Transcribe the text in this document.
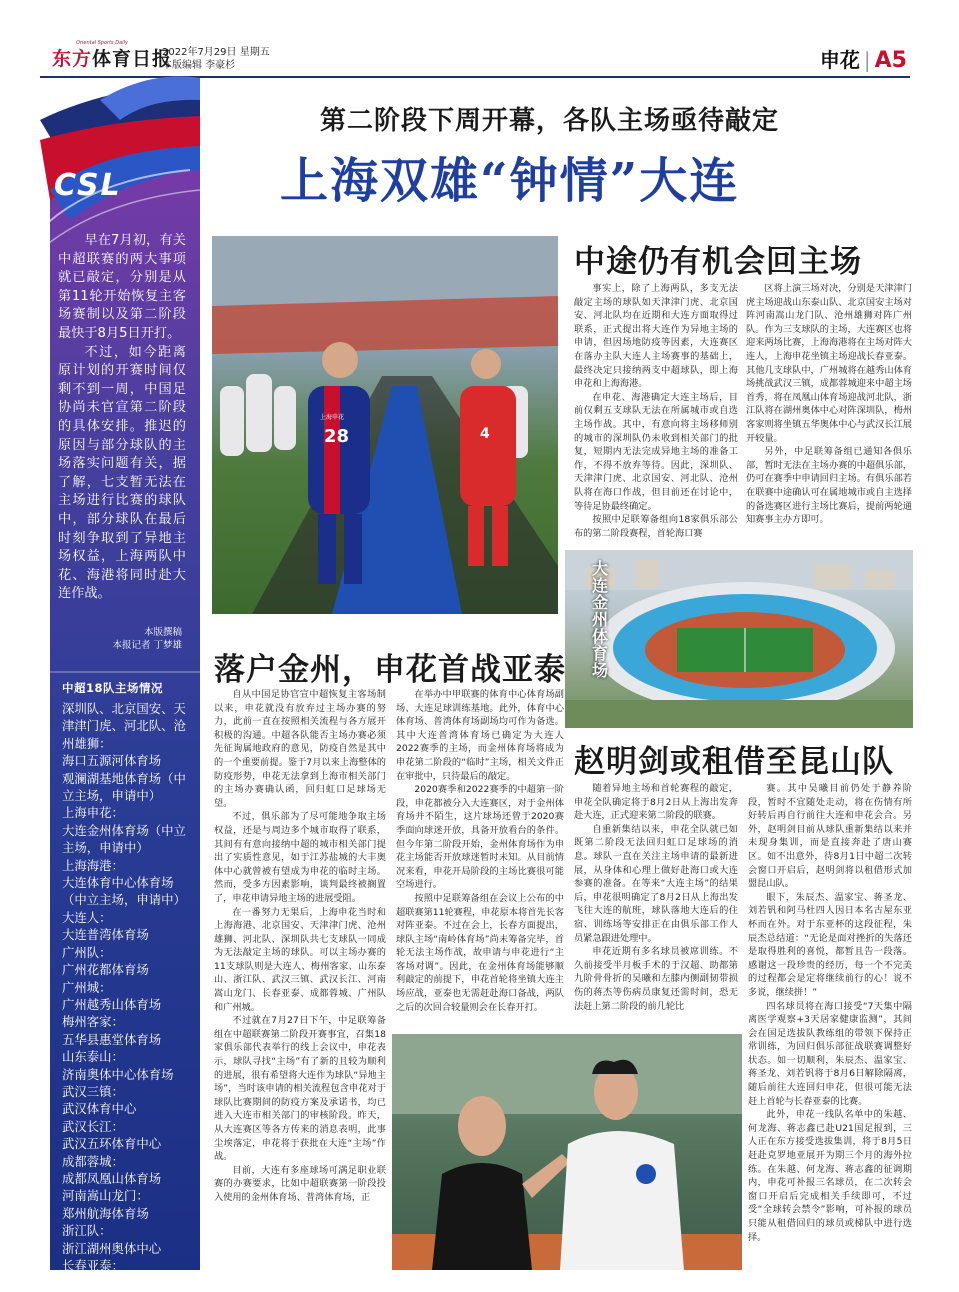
Oriental Sports Daily
东方体育日报
2022年7月29日 星期五
本版编辑 李豪杉	申花 | A5
CSL

早在7月初，有关中超联赛的两大事项就已敲定，分别是从第11轮开始恢复主客场赛制以及第二阶段最快于8月5日开打。

不过，如今距离原计划的开赛时间仅剩不到一周，中国足协尚未官宣第二阶段的具体安排。推迟的原因与部分球队的主场落实问题有关，据了解，七支暂无法在主场进行比赛的球队中，部分球队在最后时刻争取到了异地主场权益，上海两队中花、海港将同时赴大连作战。

本版撰稿
本报记者 丁梦雄
中超18队主场情况
深圳队、北京国安、天津津门虎、河北队、沧州雄狮：
海口五源河体育场
观澜湖基地体育场（中立主场，申请中）
上海申花：
大连金州体育场（中立主场，申请中）
上海海港：
大连体育中心体育场（中立主场，申请中）
大连人：
大连普湾体育场
广州队：
广州花都体育场
广州城：
广州越秀山体育场
梅州客家：
五华县惠堂体育场
山东泰山：
济南奥体中心体育场
武汉三镇：
武汉体育中心
武汉长江：
武汉五环体育中心
成都蓉城：
成都凤凰山体育场
河南嵩山龙门：
郑州航海体育场
浙江队：
浙江湖州奥体中心
长春亚泰：
长春体育中心
第二阶段下周开幕，各队主场亟待敲定
上海双雄“钟情”大连
28	4
上海申花
大连金州体育场
中途仍有机会回主场
落户金州，申花首战亚泰
赵明剑或租借至昆山队

事实上，除了上海两队，多支无法敲定主场的球队如天津津门虎、北京国安、河北队均在近期和大连方面取得过联系，正式提出将大连作为异地主场的申请，但因场地防疫等因素，大连赛区在落办主队大连人主场赛事的基础上，最终决定只接纳两支中超球队，即上海申花和上海海港。

在申花、海港确定大连主场后，目前仅剩五支球队无法在所属城市或自选主场作战。其中，有意向将主场移师别的城市的深圳队仍未收到相关部门的批复，短期内无法完成异地主场的准备工作，不得不放弃等待。因此，深圳队、天津津门虎、北京国安、河北队、沧州队将在海口作战，但目前还在讨论中，等待足协最终确定。

按照中足联筹备组向18家俱乐部公布的第二阶段赛程，首轮海口赛

区将上演三场对决，分别是天津津门虎主场迎战山东泰山队、北京国安主场对阵河南嵩山龙门队、沧州雄狮对阵广州队。作为三支球队的主场，大连赛区也将迎来两场比赛，上海海港将在主场对阵大连人，上海申花坐镇主场迎战长春亚泰。其他几支球队中，广州城将在越秀山体育场挑战武汉三镇，成都蓉城迎来中超主场首秀，将在凤凰山体育场迎战河北队，浙江队将在湖州奥体中心对阵深圳队，梅州客家则将坐镇五华奥体中心与武汉长江展开较量。

另外，中足联筹备组已通知各俱乐部，暂时无法在主场办赛的中超俱乐部，仍可在赛季中申请回归主场。有俱乐部若在联赛中途确认可在属地城市或自主选择的备选赛区进行主场比赛后，提前两轮通知赛事主办方即可。

自从中国足协官宣中超恢复主客场制以来，申花就没有放弃过主场办赛的努力，此前一直在按照相关流程与各方展开积极的沟通。中超各队能否主场办赛必须先征询属地政府的意见，防疫自然是其中的一个重要前提。鉴于7月以来上海整体的防疫形势，申花无法拿到上海市相关部门的主场办赛确认函，回归虹口足球场无望。

不过，俱乐部为了尽可能地争取主场权益，还是与周边多个城市取得了联系，其间有有意向接纳中超的城市相关部门提出了实质性意见，如于江苏盐城的大丰奥体中心就曾被有望成为申花的临时主场。然而，受多方因素影响，谈判最终被搁置了，申花申请异地主场的进展受阻。

在一番努力无果后，上海申花当时和上海海港、北京国安、天津津门虎、沧州雄狮、河北队、深圳队共七支球队一同成为无法敲定主场的球队。可以主场办赛的11支球队则是大连人、梅州客家、山东泰山、浙江队、武汉三镇、武汉长江、河南嵩山龙门、长春亚泰、成都蓉城、广州队和广州城。

不过就在7月27日下午，中足联筹备组在中超联赛第二阶段开赛事宜，召集18家俱乐部代表举行的线上会议中，申花表示，球队寻找“主场”有了新的且较为顺利的进展，很有希望将大连作为球队“异地主场”，当时该申请的相关流程包含申花对于球队比赛期间的防疫方案及承诺书，均已进入大连市相关部门的审核阶段。昨天，从大连赛区等各方传来的消息表明，此事尘埃落定，申花将于获批在大连“主场”作战。

目前，大连有多座球场可满足职业联赛的办赛要求，比如中超联赛第一阶段投入使用的金州体育场、普湾体育场，正

在举办中甲联赛的体育中心体育场副场、大连足球训练基地。此外，体育中心体育场、普湾体育场副场均可作为备选。其中大连普湾体育场已确定为大连人2022赛季的主场，而金州体育场将成为申花第二阶段的“临时”主场，相关文件正在审批中，只待最后的敲定。

2020赛季和2022赛季的中超第一阶段，申花都被分入大连赛区，对于金州体育场并不陌生，这片球场还曾于2020赛季面向球迷开放，具备开放看台的条件。但今年第二阶段开始，金州体育场作为申花主场能否开放球迷暂时未知。从目前情况来看，申花开局阶段的主场比赛很可能空场进行。

按照中足联筹备组在会议上公布的中超联赛第11轮赛程，申花原本将首先长客对阵亚泰。不过在会上，长春方面提出，球队主场“南岭体育场”尚未筹备完毕，首轮无法主场作战，故申请与申花进行“主客场对调”。因此，在金州体育场能够顺利敲定的前提下，申花首轮将坐镇大连主场应战，亚泰也无需赶赴海口备战，两队之后的次回合较量则会在长春开打。

随着异地主场和首轮赛程的敲定，申花全队确定将于8月2日从上海出发奔赴大连，正式迎来第二阶段的联赛。

自重新集结以来，申花全队就已如既第二阶段无法回归虹口足球场的消息。球队一直在关注主场申请的最新进展，从身体和心理上做好赴海口或大连参赛的准备。在等来“大连主场”的结果后，申花很明确定了8月2日从上海出发飞往大连的航班，球队落地大连后的住宿、训练场等安排正在由俱乐部工作人员紧急跟进处理中。

申花近期有多名球员被席训练。不久前接受半月板手术的于汉超、助都第九阶骨骨折的吴曦和左膝内侧副韧带损伤的蒋杰等伤病员康复还需时间，恐无法赶上第二阶段的前几轮比

赛。其中吴曦目前仍处于静养阶段，暂时不宜随处走动，将在伤情有所好转后再自行前往大连和申花会合。另外，赵明剑目前从球队重新集结以来并未现身集训，而是直接奔赴了唐山赛区。如不出意外，待8月1日中超二次转会窗口开启后，赵明剑将以租借形式加盟昆山队。

眼下，朱辰杰、温家宝、蒋圣龙、刘若钒和阿马杜四人因日本名古屋东亚杯而在外。对于东亚杯的这段征程，朱辰杰总结道：“无论是面对挫折的失落还是取得胜利的喜悦，都暂且告一段落。感谢这一段珍贵的经历，每一个不完美的过程都会是定将继续前行的心！说不多说，继续拼！”

四名球员将在海口接受“7天集中隔离医学观察+3天居家健康监测”，其间会在国足选拔队教练组的带领下保持正常训练，为回归俱乐部征战联赛调整好状态。如一切顺利，朱辰杰、温家宝、蒋圣龙、刘若钒将于8月6日解除隔离，随后前往大连回归申花，但很可能无法赶上首轮与长春亚泰的比赛。

此外，申花一线队名单中的朱越、何龙海、蒋志鑫已赴U21国足报到，三人正在东方接受选拔集训，将于8月5日赶赴克罗地亚展开为期三个月的海外拉练。在朱越、何龙海、蒋志鑫的征调期内，申花可补报三名球员，在二次转会窗口开启后完成相关手续即可，不过受“全球转会禁令”影响，可补报的球员只能从租借回归的球员或梯队中进行选择。
